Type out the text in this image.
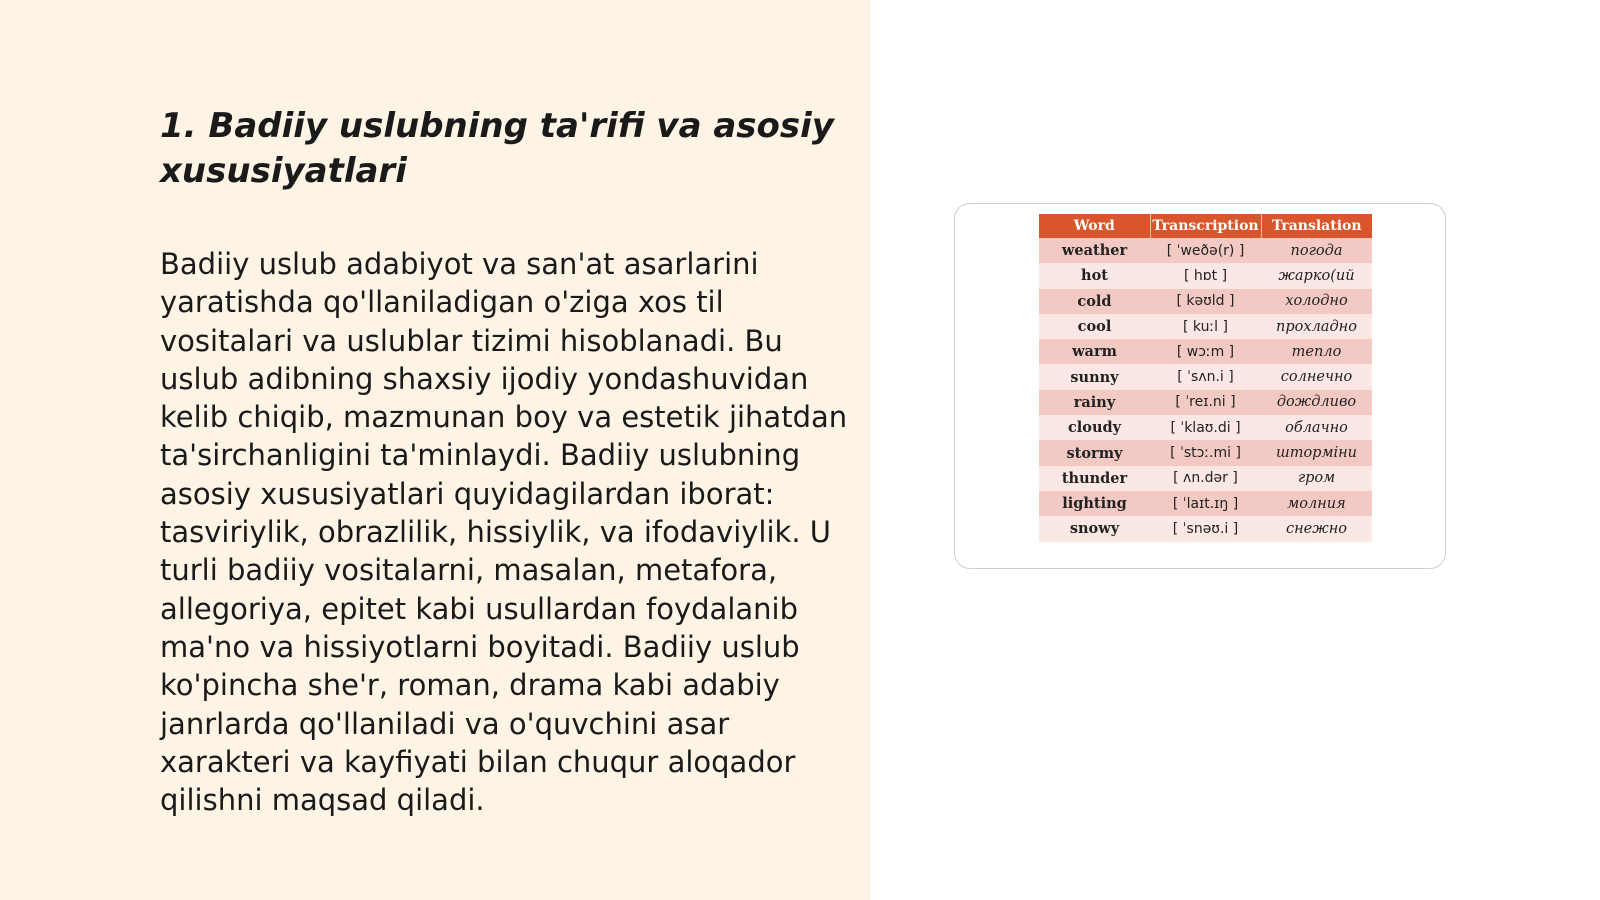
1. Badiiy uslubning ta'rifi va asosiy xususiyatlari

Badiiy uslub adabiyot va san'at asarlarini yaratishda qo'llaniladigan o'ziga xos til vositalari va uslublar tizimi hisoblanadi. Bu uslub adibning shaxsiy ijodiy yondashuvidan kelib chiqib, mazmunan boy va estetik jihatdan ta'sirchanligini ta'minlaydi. Badiiy uslubning asosiy xususiyatlari quyidagilardan iborat: tasviriylik, obrazlilik, hissiylik, va ifodaviylik. U turli badiiy vositalarni, masalan, metafora, allegoriya, epitet kabi usullardan foydalanib ma'no va hissiyotlarni boyitadi. Badiiy uslub ko'pincha she'r, roman, drama kabi adabiy janrlarda qo'llaniladi va o'quvchini asar xarakteri va kayfiyati bilan chuqur aloqador qilishni maqsad qiladi.

Word	Transcription	Translation
weather	[ ˈweðə(r) ]	погода
hot	[ hɒt ]	жарко(ий
cold	[ kəʊld ]	холодно
cool	[ kuːl ]	прохладно
warm	[ wɔːm ]	тепло
sunny	[ ˈsʌn.i ]	солнечно
rainy	[ ˈreɪ.ni ]	дождливо
cloudy	[ ˈklaʊ.di ]	облачно
stormy	[ ˈstɔː.mi ]	шторміни
thunder	[ ʌn.dər ]	гром
lighting	[ ˈlaɪt.ɪŋ ]	молния
snowy	[ ˈsnəʊ.i ]	снежно
